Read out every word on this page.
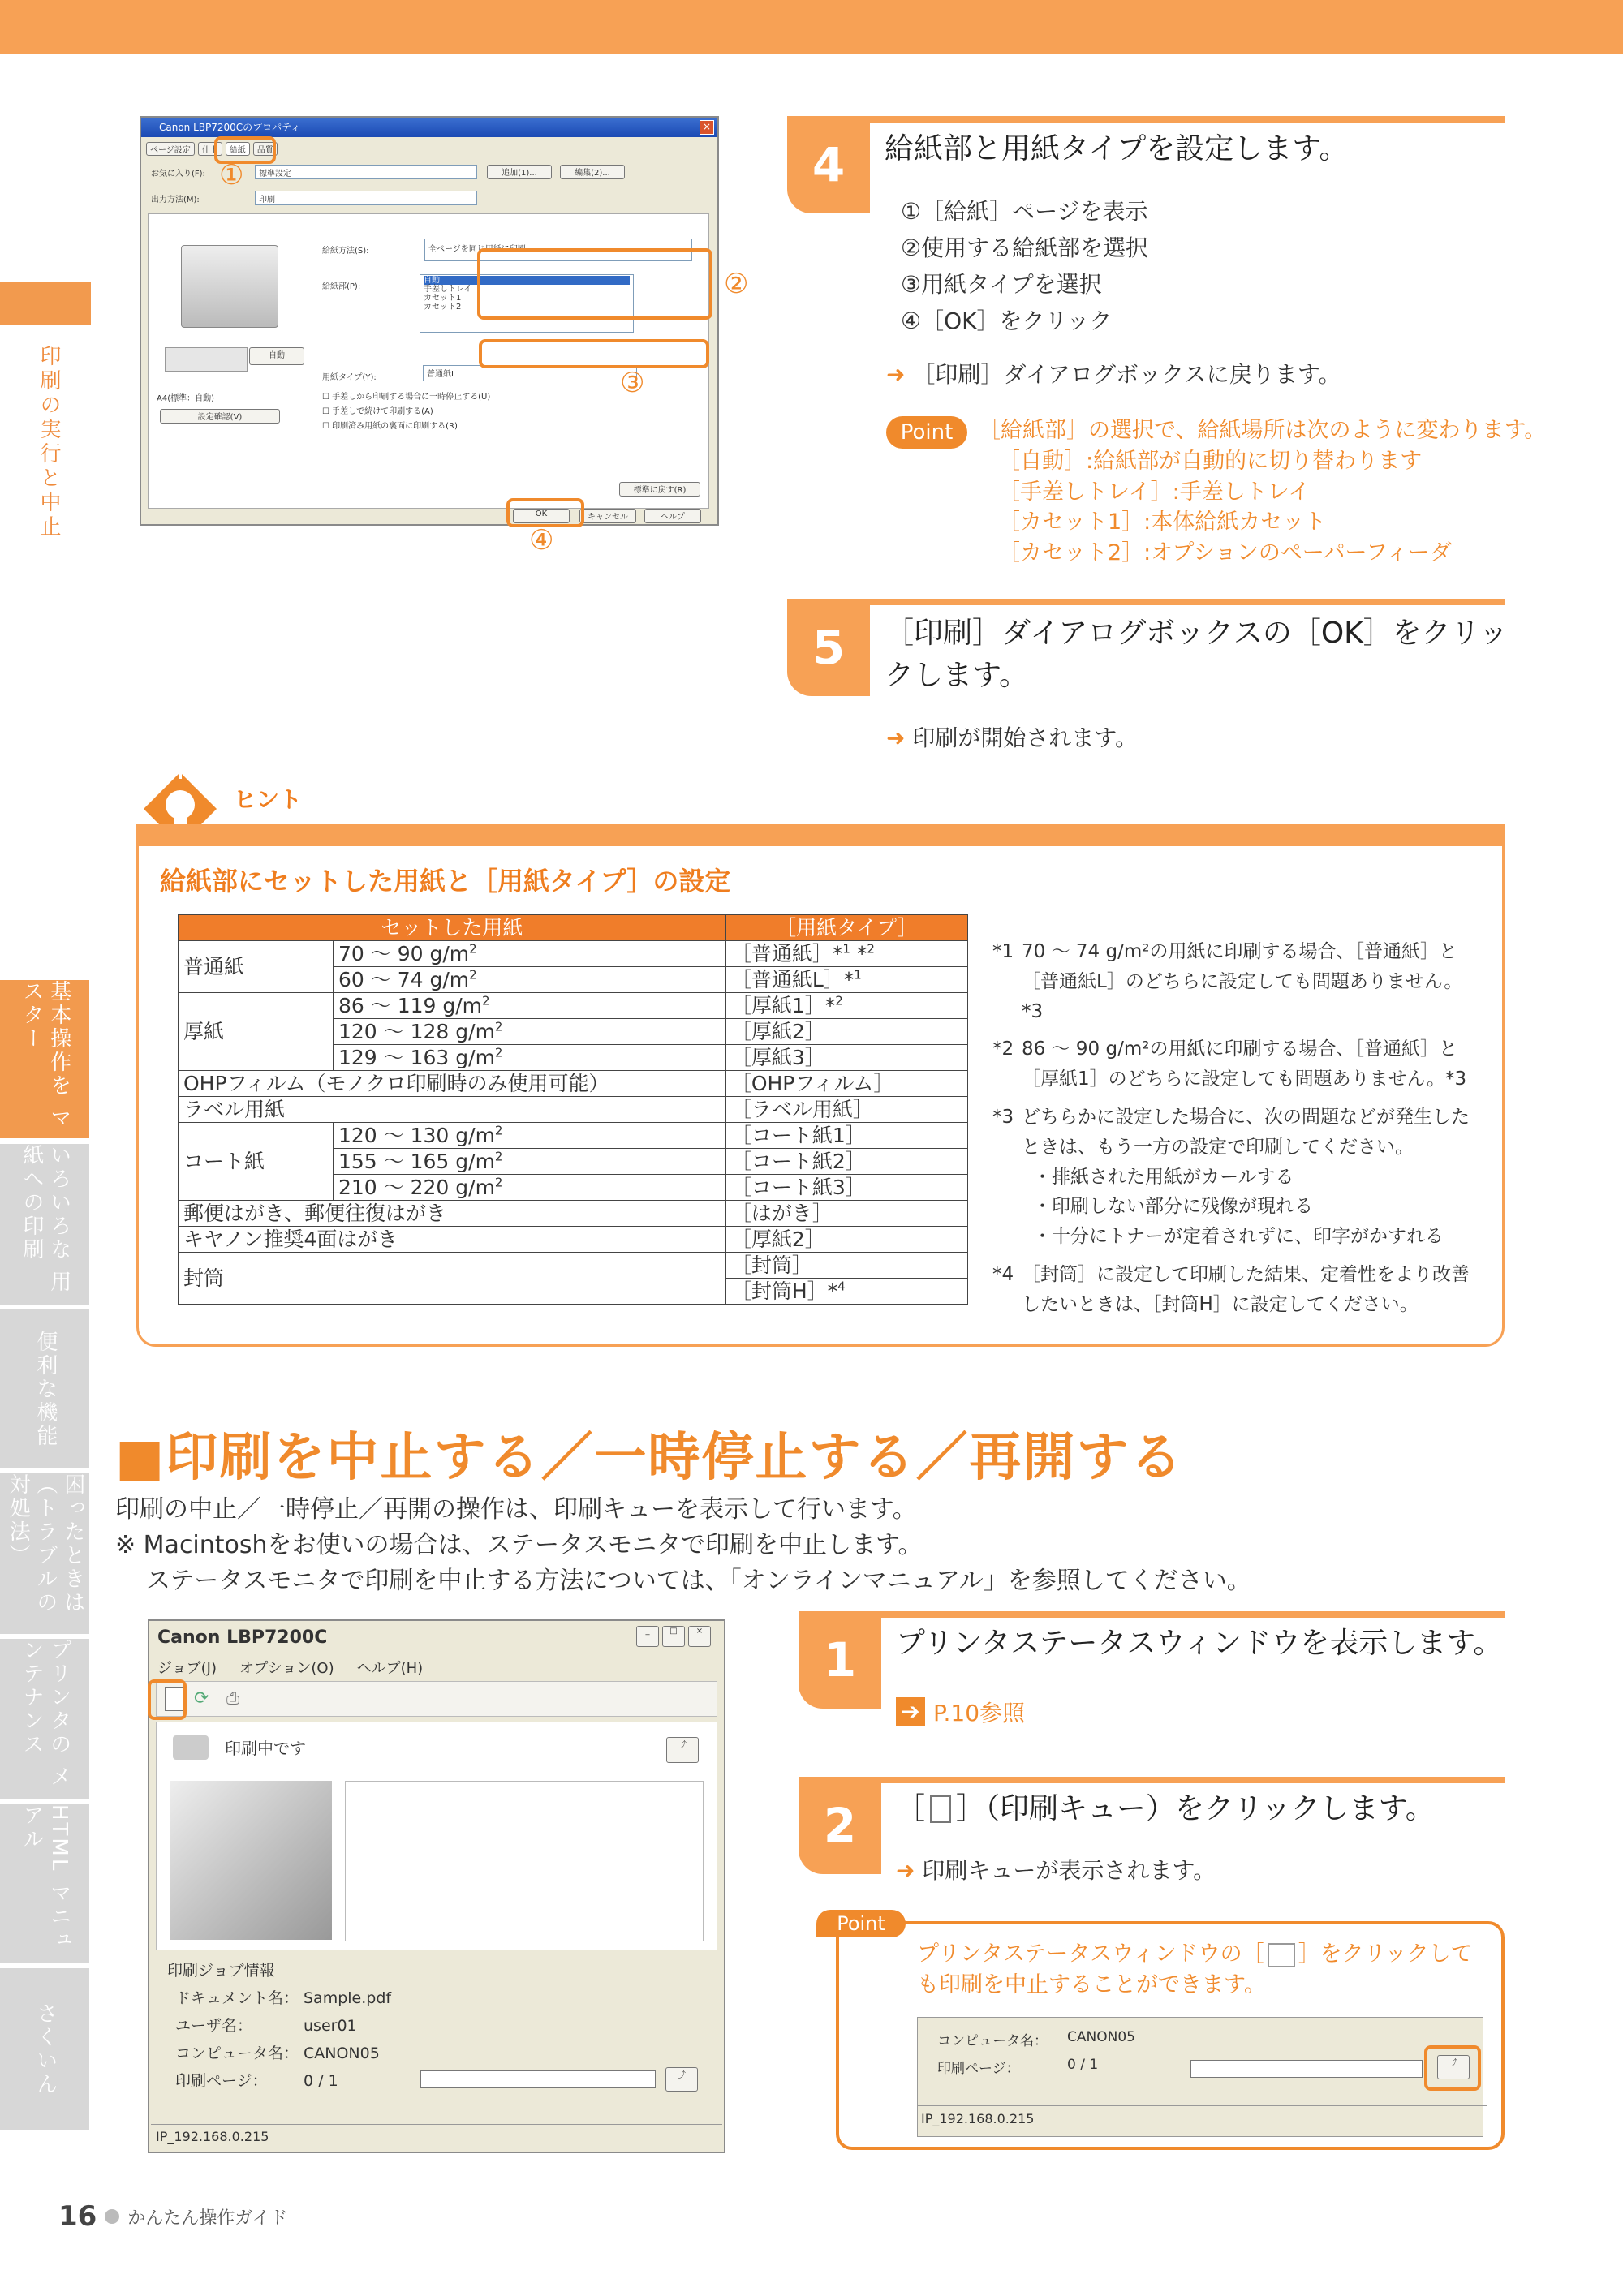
印刷の実行と中止
基本操作を マスター
いろいろな 用紙への印刷
便利な機能
困ったときは （トラブルの対処法）
プリンタの メンテナンス
HTML マニュアル
さくいん
Canon LBP7200Cのプロパティ	×
ページ設定	仕上	給紙	品質
お気に入り(F):	標準設定	追加(1)...	編集(2)...
出力方法(M):	印刷
自動
A4(標準：自動)
設定確認(V)
給紙方法(S):	全ページを同じ用紙に印刷
給紙部(P):
自動
手差しトレイ
カセット1
カセット2
用紙タイプ(Y):	普通紙L
☐ 手差しから印刷する場合に一時停止する(U)
☐ 手差しで続けて印刷する(A)
☐ 印刷済み用紙の裏面に印刷する(R)
標準に戻す(R)
OK	キャンセル	ヘルプ
①
②
③
④
4	給紙部と用紙タイプを設定します。
①［給紙］ページを表示
②使用する給紙部を選択
③用紙タイプを選択
④［OK］をクリック
➜ ［印刷］ダイアログボックスに戻ります。
Point	［給紙部］の選択で、給紙場所は次のように変わります。
［自動］:給紙部が自動的に切り替わります
［手差しトレイ］:手差しトレイ
［カセット1］:本体給紙カセット
［カセット2］:オプションのペーパーフィーダ
5	［印刷］ダイアログボックスの［OK］をクリックします。
➜ 印刷が開始されます。
ヒント
給紙部にセットした用紙と［用紙タイプ］の設定
セットした用紙		［用紙タイプ］
普通紙	70 ～ 90 $g/m^2$	［普通紙］*$^1$ *$^2$
	60 ～ 74 $g/m^2$	［普通紙L］*$^1$
厚紙	86 ～ 119 $g/m^2$	［厚紙1］*$^2$
	120 ～ 128 $g/m^2$	［厚紙2］
	129 ～ 163 $g/m^2$	［厚紙3］
OHPフィルム（モノクロ印刷時のみ使用可能）		［OHPフィルム］
ラベル用紙		［ラベル用紙］
コート紙	120 ～ 130 $g/m^2$	［コート紙1］
	155 ～ 165 $g/m^2$	［コート紙2］
	210 ～ 220 $g/m^2$	［コート紙3］
郵便はがき、郵便往復はがき		［はがき］
キヤノン推奨4面はがき		［厚紙2］
封筒		［封筒］
		［封筒H］*$^4$
*1 70 ～ 74 g/m²の用紙に印刷する場合、［普通紙］と［普通紙L］のどちらに設定しても問題ありません。*3
*2 86 ～ 90 g/m²の用紙に印刷する場合、［普通紙］と［厚紙1］のどちらに設定しても問題ありません。*3
*3 どちらかに設定した場合に、次の問題などが発生したときは、もう一方の設定で印刷してください。
・排紙された用紙がカールする
・印刷しない部分に残像が現れる
・十分にトナーが定着されずに、印字がかすれる
*4 ［封筒］に設定して印刷した結果、定着性をより改善したいときは、［封筒H］に設定してください。
■印刷を中止する／一時停止する／再開する
印刷の中止／一時停止／再開の操作は、印刷キューを表示して行います。
※ Macintoshをお使いの場合は、ステータスモニタで印刷を中止します。
ステータスモニタで印刷を中止する方法については、「オンラインマニュアル」を参照してください。
Canon LBP7200C	_	□	×
ジョブ(J) オプション(O) ヘルプ(H)
⟳ ⎙
印刷中です	⤴
印刷ジョブ情報
ドキュメント名： Sample.pdf
ユーザ名：	user01
コンピュータ名： CANON05
印刷ページ：	0 / 1	⤴
IP_192.168.0.215
1	プリンタステータスウィンドウを表示します。
➔ P.10参照
2	［ ］（印刷キュー）をクリックします。
➜ 印刷キューが表示されます。
Point
プリンタステータスウィンドウの［ ］をクリックしても印刷を中止することができます。
コンピュータ名：	CANON05
印刷ページ：	0 / 1	⤴
IP_192.168.0.215
16 かんたん操作ガイド
